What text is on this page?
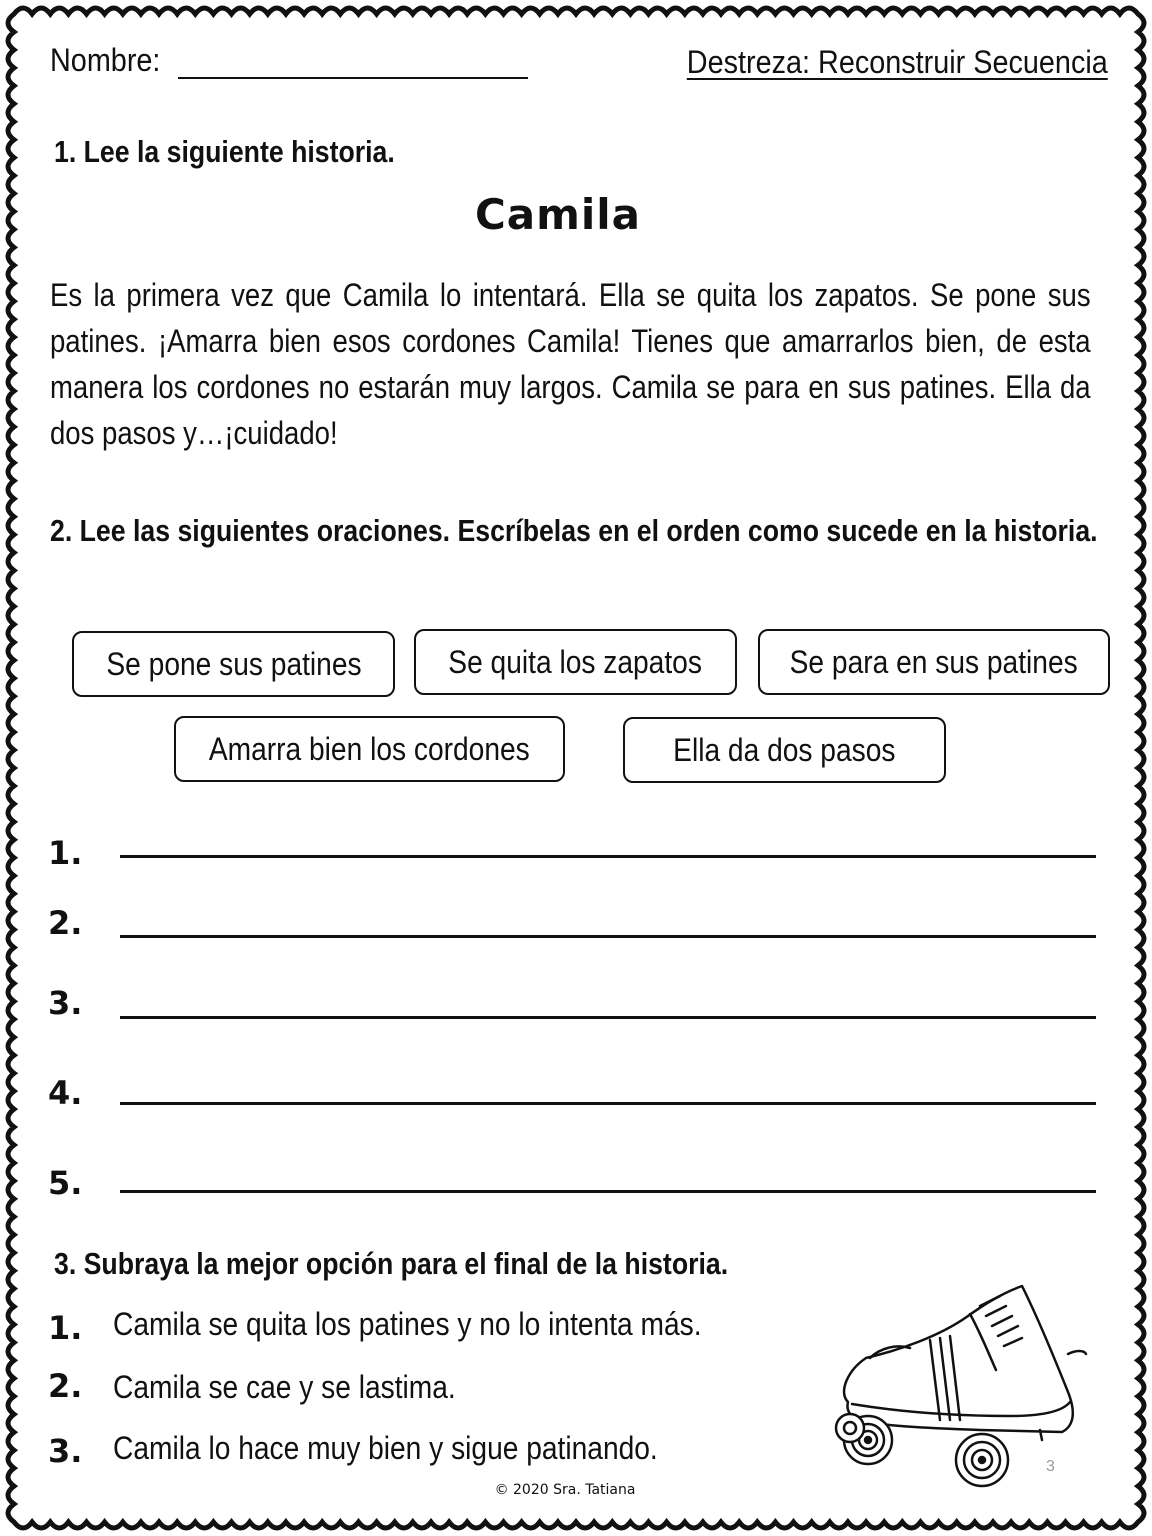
Nombre:	Destreza: Reconstruir Secuencia
1. Lee la siguiente historia.
Camila
Es la primera vez que Camila lo intentará. Ella se quita los zapatos. Se pone sus patines. ¡Amarra bien esos cordones Camila! Tienes que amarrarlos bien, de esta manera los cordones no estarán muy largos. Camila se para en sus patines. Ella da dos pasos y…¡cuidado!
2. Lee las siguientes oraciones. Escríbelas en el orden como sucede en la historia.
Se pone sus patines	Se quita los zapatos	Se para en sus patines
Amarra bien los cordones	Ella da dos pasos
1.
2.
3.
4.
5.
3. Subraya la mejor opción para el final de la historia.
1. Camila se quita los patines y no lo intenta más.
2. Camila se cae y se lastima.
3. Camila lo hace muy bien y sigue patinando.
3
© 2020 Sra. Tatiana
